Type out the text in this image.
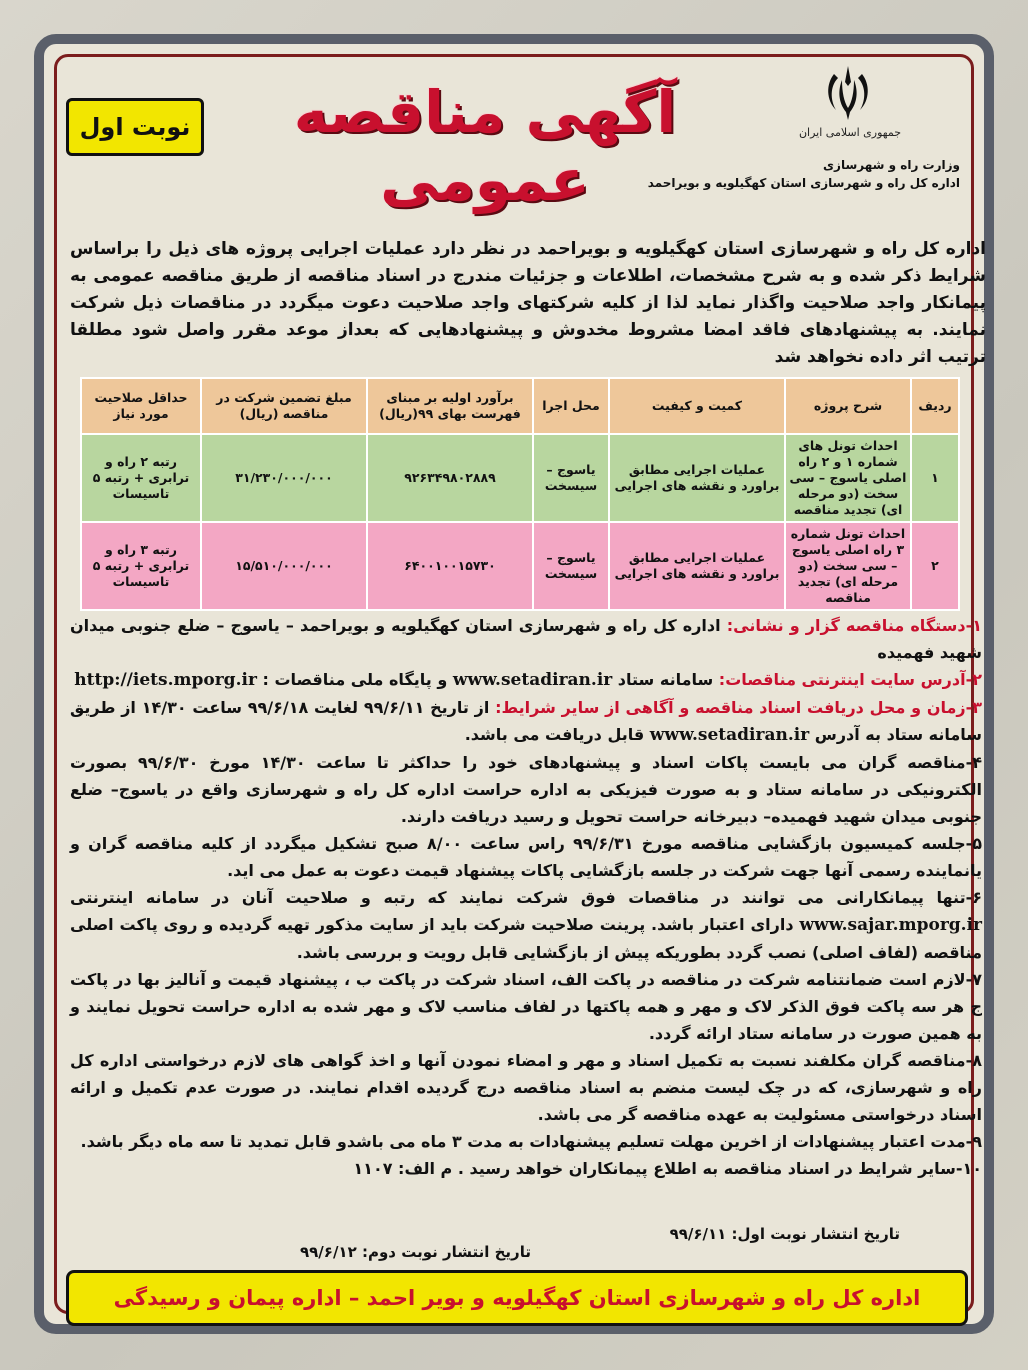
جمهوری اسلامی ایران
آگهی مناقصه عمومی
نوبت اول
وزارت راه و شهرسازی
اداره کل راه و شهرسازی استان کهگیلویه و بویراحمد
اداره کل راه و شهرسازی استان کهگیلویه و بویراحمد در نظر دارد عملیات اجرایی پروژه های ذیل را براساس شرایط ذکر شده و به شرح مشخصات، اطلاعات و جزئیات مندرج در اسناد مناقصه از طریق مناقصه عمومی به پیمانکار واجد صلاحیت واگذار نماید لذا از کلیه شرکتهای واجد صلاحیت دعوت میگردد در مناقصات ذیل شرکت نمایند. به پیشنهادهای فاقد امضا مشروط مخدوش و پیشنهادهایی که بعداز موعد مقرر واصل شود مطلقا ترتیب اثر داده نخواهد شد
ردیف	شرح پروژه	کمیت و کیفیت	محل اجرا	برآورد اولیه بر مبنای فهرست بهای ۹۹(ریال)	مبلغ تضمین شرکت در مناقصه (ریال)	حداقل صلاحیت مورد نیاز
۱	احداث تونل های شماره ۱ و ۲ راه اصلی یاسوج – سی سخت (دو مرحله ای) تجدید مناقصه	عملیات اجرایی مطابق براورد و نقشه های اجرایی	یاسوج – سیسخت	۹۲۶۳۴۹۸۰۲۸۸۹	۳۱/۲۳۰/۰۰۰/۰۰۰	رتبه ۲ راه و ترابری + رتبه ۵ تاسیسات
۲	احداث تونل شماره ۳ راه اصلی یاسوج – سی سخت (دو مرحله ای) تجدید مناقصه	عملیات اجرایی مطابق براورد و نقشه های اجرایی	یاسوج – سیسخت	۶۴۰۰۱۰۰۱۵۷۳۰	۱۵/۵۱۰/۰۰۰/۰۰۰	رتبه ۳ راه و ترابری + رتبه ۵ تاسیسات

۱-دستگاه مناقصه گزار و نشانی: اداره کل راه و شهرسازی استان کهگیلویه و بویراحمد – یاسوج – ضلع جنوبی میدان شهید فهمیده

۲-آدرس سایت اینترنتی مناقصات: سامانه ستاد www.setadiran.ir و پایگاه ملی مناقصات : http://iets.mporg.ir

۳-زمان و محل دریافت اسناد مناقصه و آگاهی از سایر شرایط: از تاریخ ۹۹/۶/۱۱ لغایت ۹۹/۶/۱۸ ساعت ۱۴/۳۰ از طریق سامانه ستاد به آدرس www.setadiran.ir قابل دریافت می باشد.

۴-مناقصه گران می بایست پاکات اسناد و پیشنهادهای خود را حداکثر تا ساعت ۱۴/۳۰ مورخ ۹۹/۶/۳۰ بصورت الکترونیکی در سامانه ستاد و به صورت فیزیکی به اداره حراست اداره کل راه و شهرسازی واقع در یاسوج– ضلع جنوبی میدان شهید فهمیده– دبیرخانه حراست تحویل و رسید دریافت دارند.

۵-جلسه کمیسیون بازگشایی مناقصه مورخ ۹۹/۶/۳۱ راس ساعت ۸/۰۰ صبح تشکیل میگردد از کلیه مناقصه گران و یانماینده رسمی آنها جهت شرکت در جلسه بازگشایی پاکات پیشنهاد قیمت دعوت به عمل می اید.

۶-تنها پیمانکارانی می توانند در مناقصات فوق شرکت نمایند که رتبه و صلاحیت آنان در سامانه اینترنتی www.sajar.mporg.ir دارای اعتبار باشد. پرینت صلاحیت شرکت باید از سایت مذکور تهیه گردیده و روی پاکت اصلی مناقصه (لفاف اصلی) نصب گردد بطوریکه پیش از بازگشایی قابل رویت و بررسی باشد.

۷-لازم است ضمانتنامه شرکت در مناقصه در پاکت الف، اسناد شرکت در پاکت ب ، پیشنهاد قیمت و آنالیز بها در پاکت ج هر سه پاکت فوق الذکر لاک و مهر و همه پاکتها در لفاف مناسب لاک و مهر شده به اداره حراست تحویل نمایند و به همین صورت در سامانه ستاد ارائه گردد.

۸-مناقصه گران مکلفند نسبت به تکمیل اسناد و مهر و امضاء نمودن آنها و اخذ گواهی های لازم درخواستی اداره کل راه و شهرسازی، که در چک لیست منضم به اسناد مناقصه درج گردیده اقدام نمایند. در صورت عدم تکمیل و ارائه اسناد درخواستی مسئولیت به عهده مناقصه گر می باشد.

۹-مدت اعتبار پیشنهادات از اخرین مهلت تسلیم پیشنهادات به مدت ۳ ماه می باشدو قابل تمدید تا سه ماه دیگر باشد.

۱۰-سایر شرایط در اسناد مناقصه به اطلاع پیمانکاران خواهد رسید . م الف: ۱۱۰۷

تاریخ انتشار نوبت اول: ۹۹/۶/۱۱
تاریخ انتشار نوبت دوم: ۹۹/۶/۱۲
اداره کل راه و شهرسازی استان کهگیلویه و بویر احمد – اداره پیمان و رسیدگی
